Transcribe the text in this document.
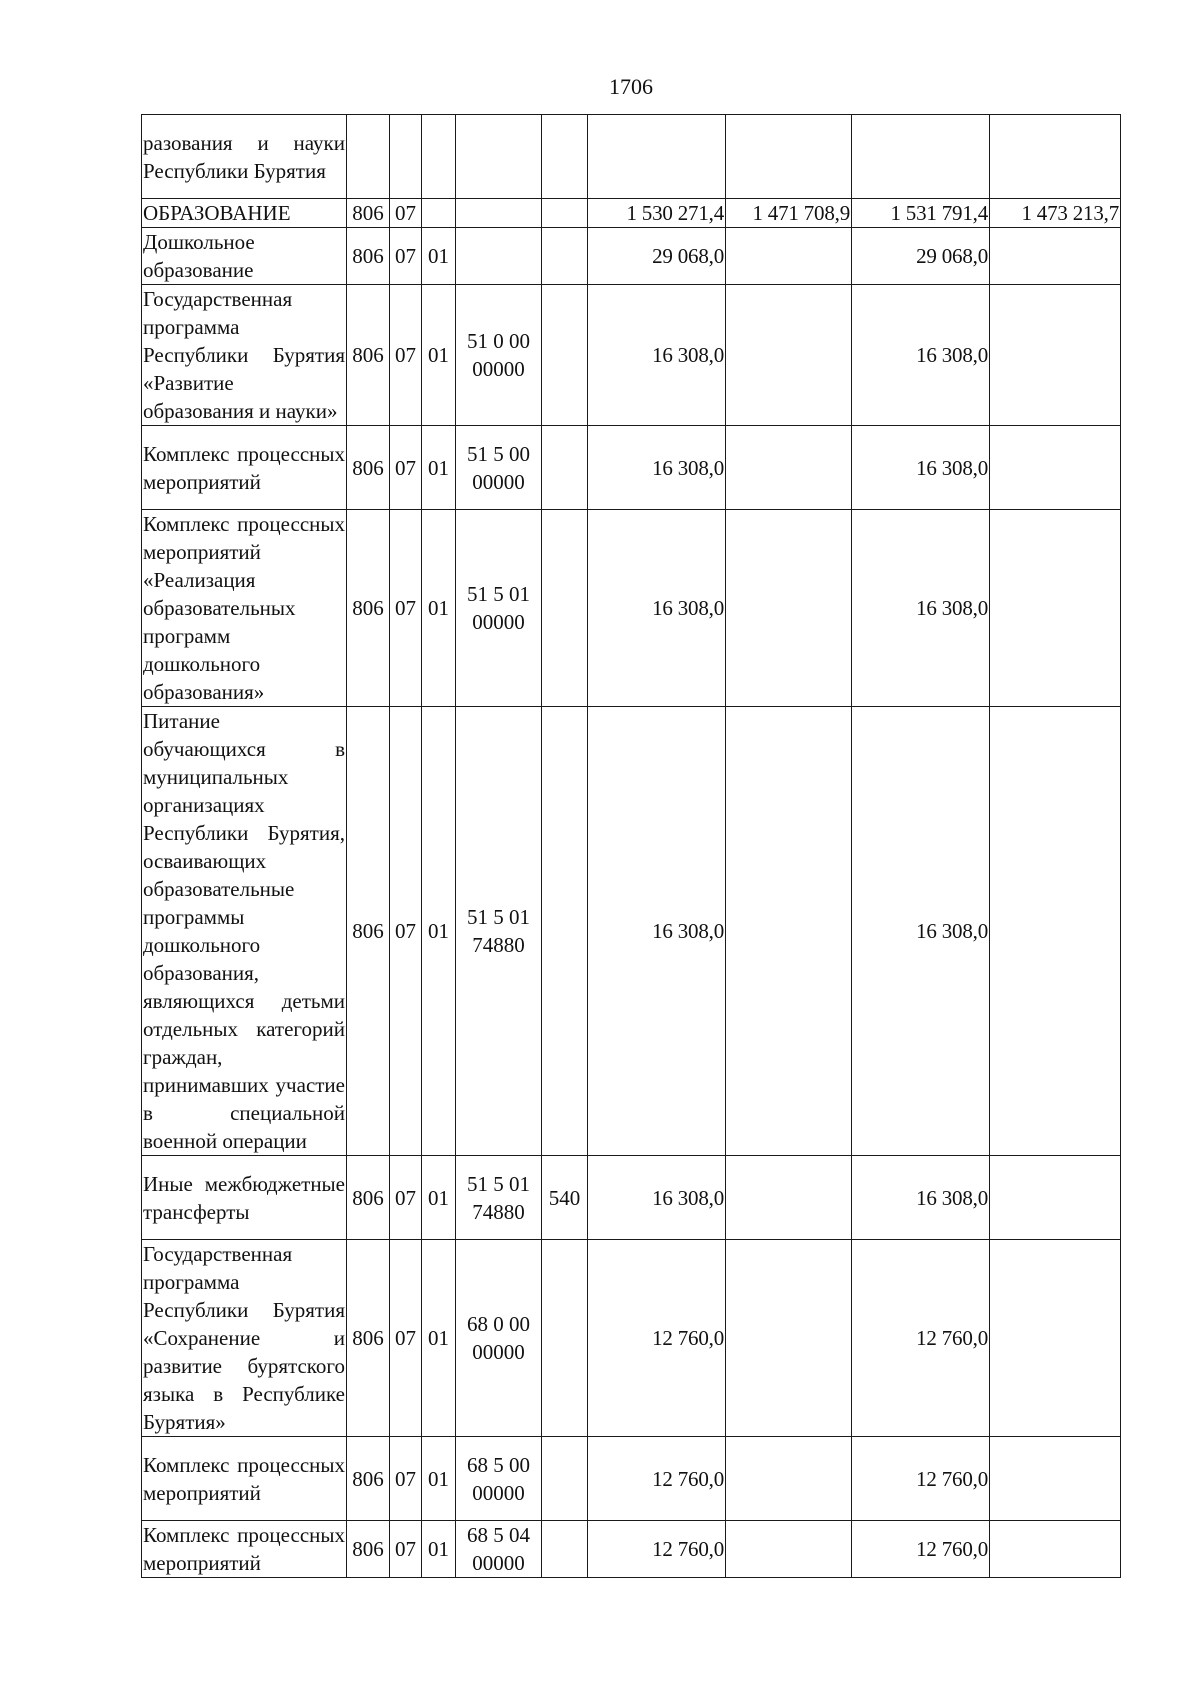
1706
разования и науки Республики Бурятия									
ОБРАЗОВАНИЕ	806	07				1 530 271,4	1 471 708,9	1 531 791,4	1 473 213,7
Дошкольное образование	806	07	01			29 068,0		29 068,0	
Государственная программа Республики Бурятия «Развитие образования и науки»	806	07	01	51 0 00 00000		16 308,0		16 308,0	
Комплекс процессных мероприятий	806	07	01	51 5 00 00000		16 308,0		16 308,0	
Комплекс процессных мероприятий «Реализация образовательных программ дошкольного образования»	806	07	01	51 5 01 00000		16 308,0		16 308,0	
Питание обучающихся в муниципальных организациях Республики Бурятия, осваивающих образовательные программы дошкольного образования, являющихся детьми отдельных категорий граждан, принимавших участие в специальной военной операции	806	07	01	51 5 01 74880		16 308,0		16 308,0	
Иные межбюджетные трансферты	806	07	01	51 5 01 74880	540	16 308,0		16 308,0	
Государственная программа Республики Бурятия «Сохранение и развитие бурятского языка в Республике Бурятия»	806	07	01	68 0 00 00000		12 760,0		12 760,0	
Комплекс процессных мероприятий	806	07	01	68 5 00 00000		12 760,0		12 760,0	
Комплекс процессных мероприятий	806	07	01	68 5 04 00000		12 760,0		12 760,0	
